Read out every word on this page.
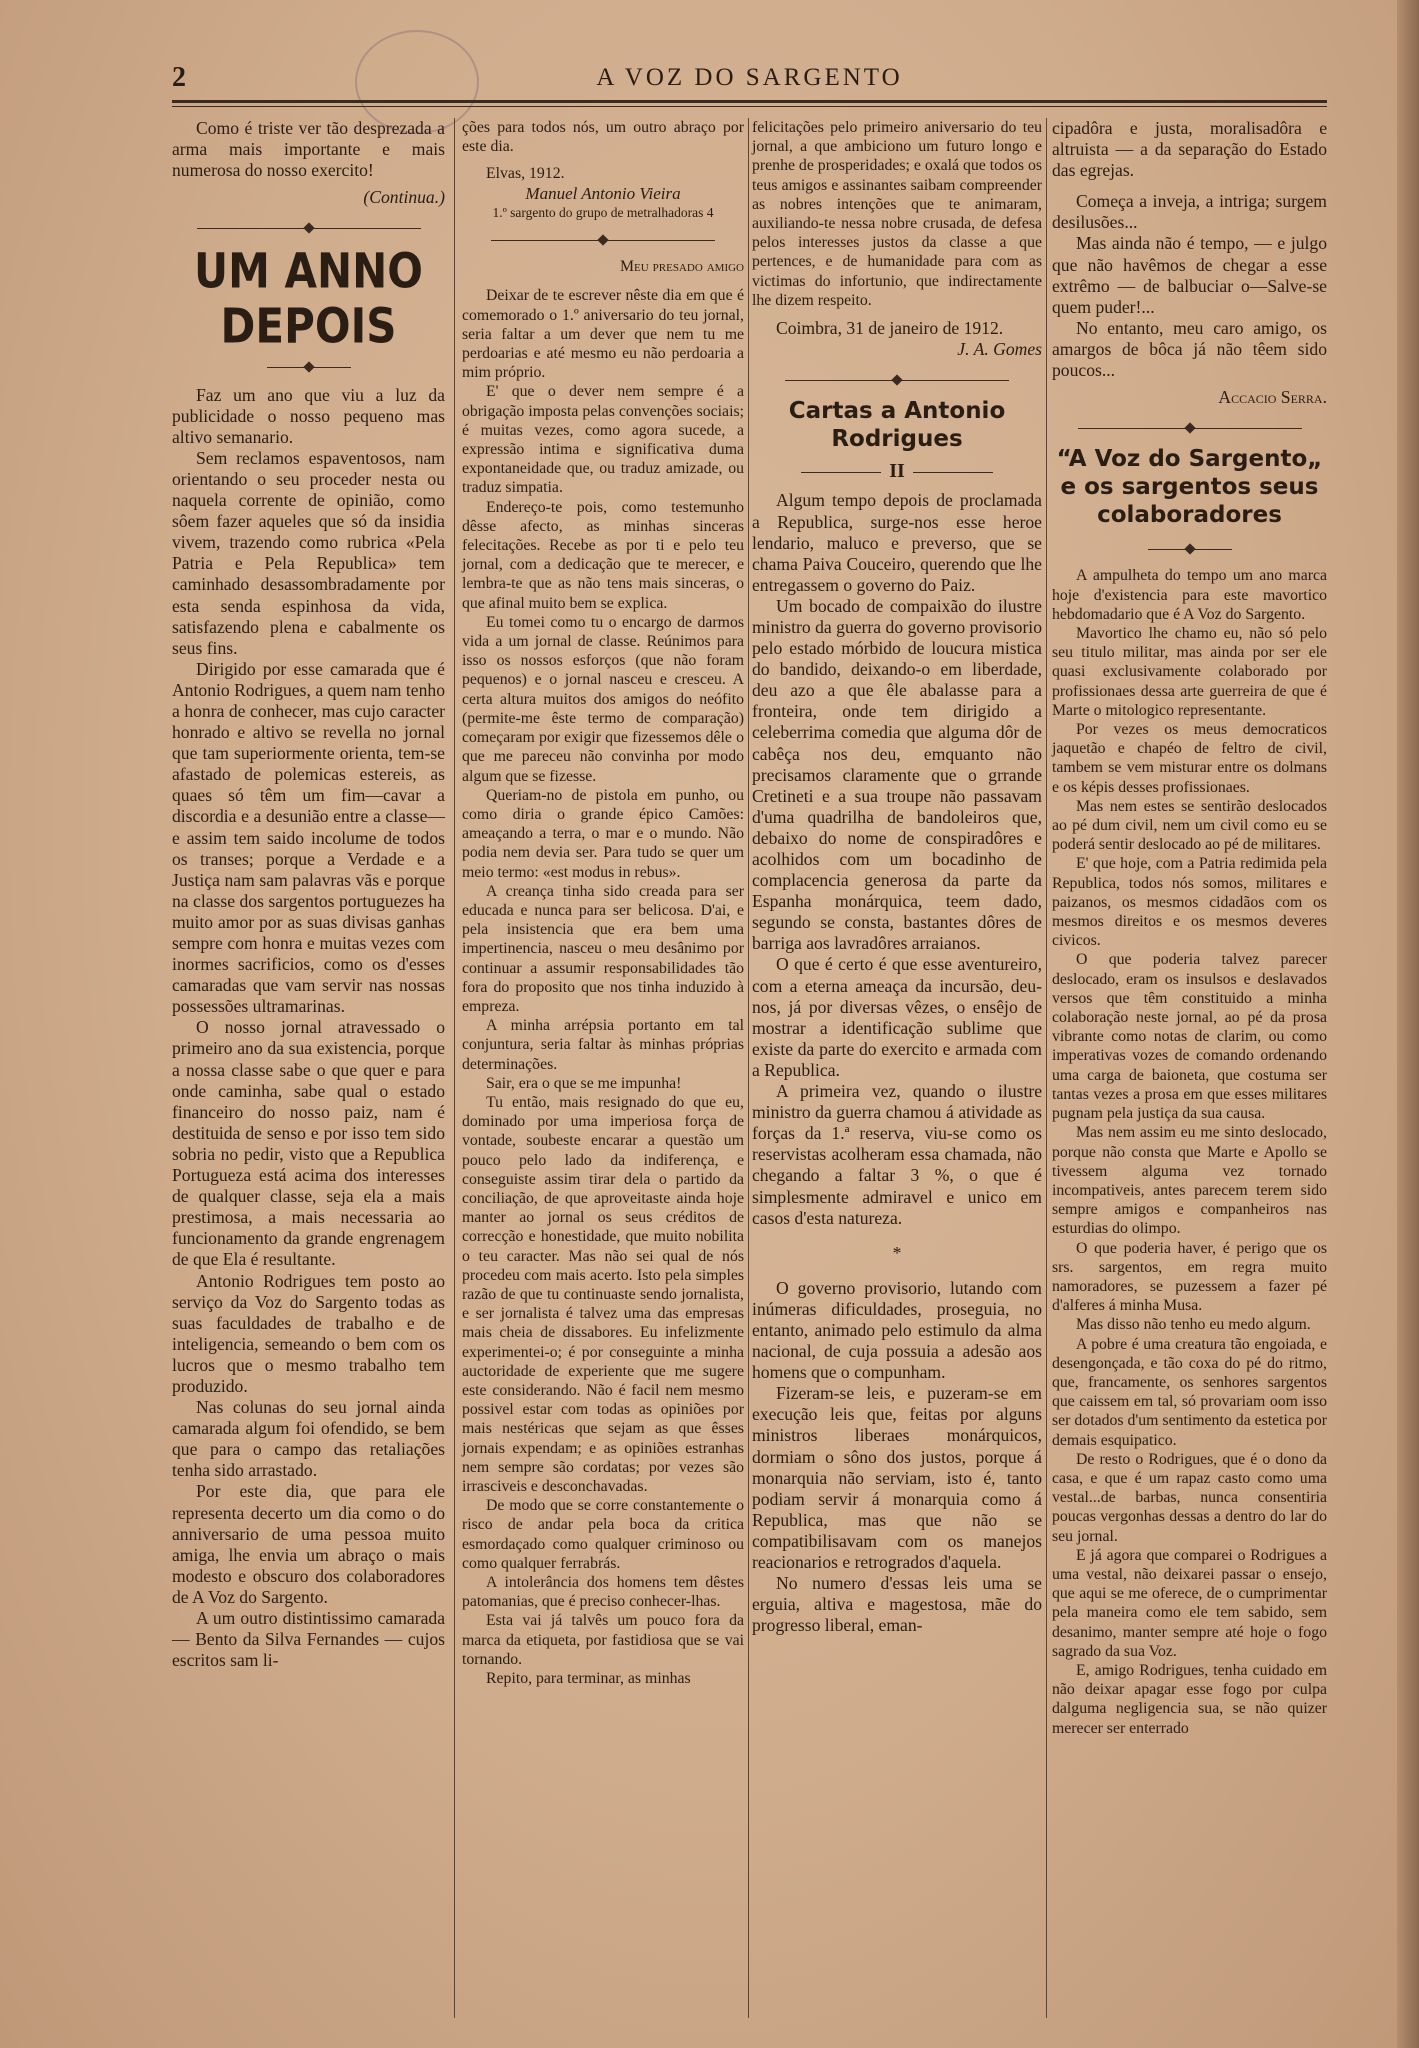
2	A VOZ DO SARGENTO

Como é triste ver tão desprezada a arma mais importante e mais numerosa do nosso exercito!

(Continua.)
UM ANNO DEPOIS

Faz um ano que viu a luz da publicidade o nosso pequeno mas altivo semanario.

Sem reclamos espaventosos, nam orientando o seu proceder nesta ou naquela corrente de opinião, como sôem fazer aqueles que só da insidia vivem, trazendo como rubrica «Pela Patria e Pela Republica» tem caminhado desassombradamente por esta senda espinhosa da vida, satisfazendo plena e cabalmente os seus fins.

Dirigido por esse camarada que é Antonio Rodrigues, a quem nam tenho a honra de conhecer, mas cujo caracter honrado e altivo se revella no jornal que tam superiormente orienta, tem-se afastado de polemicas estereis, as quaes só têm um fim—cavar a discordia e a desunião entre a classe—e assim tem saido incolume de todos os transes; porque a Verdade e a Justiça nam sam palavras vãs e porque na classe dos sargentos portuguezes ha muito amor por as suas divisas ganhas sempre com honra e muitas vezes com inormes sacrificios, como os d'esses camaradas que vam servir nas nossas possessões ultramarinas.

O nosso jornal atravessado o primeiro ano da sua existencia, porque a nossa classe sabe o que quer e para onde caminha, sabe qual o estado financeiro do nosso paiz, nam é destituida de senso e por isso tem sido sobria no pedir, visto que a Republica Portugueza está acima dos interesses de qualquer classe, seja ela a mais prestimosa, a mais necessaria ao funcionamento da grande engrenagem de que Ela é resultante.

Antonio Rodrigues tem posto ao serviço da Voz do Sargento todas as suas faculdades de trabalho e de inteligencia, semeando o bem com os lucros que o mesmo trabalho tem produzido.

Nas colunas do seu jornal ainda camarada algum foi ofendido, se bem que para o campo das retaliações tenha sido arrastado.

Por este dia, que para ele representa decerto um dia como o do anniversario de uma pessoa muito amiga, lhe envia um abraço o mais modesto e obscuro dos colaboradores de A Voz do Sargento.

A um outro distintissimo camarada — Bento da Silva Fernandes — cujos escritos sam li-

ções para todos nós, um outro abraço por este dia.

Elvas, 1912.

Manuel Antonio Vieira
1.º sargento do grupo de metralhadoras 4
Meu presado amigo

Deixar de te escrever nêste dia em que é comemorado o 1.º aniversario do teu jornal, seria faltar a um dever que nem tu me perdoarias e até mesmo eu não perdoaria a mim próprio.

E' que o dever nem sempre é a obrigação imposta pelas convenções sociais; é muitas vezes, como agora sucede, a expressão intima e significativa duma expontaneidade que, ou traduz amizade, ou traduz simpatia.

Endereço-te pois, como testemunho dêsse afecto, as minhas sinceras felecitações. Recebe as por ti e pelo teu jornal, com a dedicação que te merecer, e lembra-te que as não tens mais sinceras, o que afinal muito bem se explica.

Eu tomei como tu o encargo de darmos vida a um jornal de classe. Reúnimos para isso os nossos esforços (que não foram pequenos) e o jornal nasceu e cresceu. A certa altura muitos dos amigos do neófito (permite-me êste termo de comparação) começaram por exigir que fizessemos dêle o que me pareceu não convinha por modo algum que se fizesse.

Queriam-no de pistola em punho, ou como diria o grande épico Camões: ameaçando a terra, o mar e o mundo. Não podia nem devia ser. Para tudo se quer um meio termo: «est modus in rebus».

A creança tinha sido creada para ser educada e nunca para ser belicosa. D'ai, e pela insistencia que era bem uma impertinencia, nasceu o meu desânimo por continuar a assumir responsabilidades tão fora do proposito que nos tinha induzido à empreza.

A minha arrépsia portanto em tal conjuntura, seria faltar às minhas próprias determinações.

Sair, era o que se me impunha!

Tu então, mais resignado do que eu, dominado por uma imperiosa força de vontade, soubeste encarar a questão um pouco pelo lado da indiferença, e conseguiste assim tirar dela o partido da conciliação, de que aproveitaste ainda hoje manter ao jornal os seus créditos de correcção e honestidade, que muito nobilita o teu caracter. Mas não sei qual de nós procedeu com mais acerto. Isto pela simples razão de que tu continuaste sendo jornalista, e ser jornalista é talvez uma das empresas mais cheia de dissabores. Eu infelizmente experimentei-o; é por conseguinte a minha auctoridade de experiente que me sugere este considerando. Não é facil nem mesmo possivel estar com todas as opiniões por mais nestéricas que sejam as que êsses jornais expendam; e as opiniões estranhas nem sempre são cordatas; por vezes são irrasciveis e desconchavadas.

De modo que se corre constantemente o risco de andar pela boca da critica esmordaçado como qualquer criminoso ou como qualquer ferrabrás.

A intolerância dos homens tem dêstes patomanias, que é preciso conhecer-lhas.

Esta vai já talvês um pouco fora da marca da etiqueta, por fastidiosa que se vai tornando.

Repito, para terminar, as minhas

felicitações pelo primeiro aniversario do teu jornal, a que ambiciono um futuro longo e prenhe de prosperidades; e oxalá que todos os teus amigos e assinantes saibam compreender as nobres intenções que te animaram, auxiliando-te nessa nobre crusada, de defesa pelos interesses justos da classe a que pertences, e de humanidade para com as victimas do infortunio, que indirectamente lhe dizem respeito.

Coimbra, 31 de janeiro de 1912.

J. A. Gomes
Cartas a Antonio Rodrigues
II

Algum tempo depois de proclamada a Republica, surge-nos esse heroe lendario, maluco e preverso, que se chama Paiva Couceiro, querendo que lhe entregassem o governo do Paiz.

Um bocado de compaixão do ilustre ministro da guerra do governo provisorio pelo estado mórbido de loucura mistica do bandido, deixando-o em liberdade, deu azo a que êle abalasse para a fronteira, onde tem dirigido a celeberrima comedia que alguma dôr de cabêça nos deu, emquanto não precisamos claramente que o grrande Cretineti e a sua troupe não passavam d'uma quadrilha de bandoleiros que, debaixo do nome de conspiradôres e acolhidos com um bocadinho de complacencia generosa da parte da Espanha monárquica, teem dado, segundo se consta, bastantes dôres de barriga aos lavradôres arraianos.

O que é certo é que esse aventureiro, com a eterna ameaça da incursão, deu-nos, já por diversas vêzes, o ensêjo de mostrar a identificação sublime que existe da parte do exercito e armada com a Republica.

A primeira vez, quando o ilustre ministro da guerra chamou á atividade as forças da 1.ª reserva, viu-se como os reservistas acolheram essa chamada, não chegando a faltar 3 %, o que é simplesmente admiravel e unico em casos d'esta natureza.

*

O governo provisorio, lutando com inúmeras dificuldades, proseguia, no entanto, animado pelo estimulo da alma nacional, de cuja possuia a adesão aos homens que o compunham.

Fizeram-se leis, e puzeram-se em execução leis que, feitas por alguns ministros liberaes monárquicos, dormiam o sôno dos justos, porque á monarquia não serviam, isto é, tanto podiam servir á monarquia como á Republica, mas que não se compatibilisavam com os manejos reacionarios e retrogrados d'aquela.

No numero d'essas leis uma se erguia, altiva e magestosa, mãe do progresso liberal, eman-

cipadôra e justa, moralisadôra e altruista — a da separação do Estado das egrejas.

Começa a inveja, a intriga; surgem desilusões...

Mas ainda não é tempo, — e julgo que não havêmos de chegar a esse extrêmo — de balbuciar o—Salve-se quem puder!...

No entanto, meu caro amigo, os amargos de bôca já não têem sido poucos...

Accacio Serra.
“A Voz do Sargento„ e os sargentos seus colaboradores

A ampulheta do tempo um ano marca hoje d'existencia para este mavortico hebdomadario que é A Voz do Sargento.

Mavortico lhe chamo eu, não só pelo seu titulo militar, mas ainda por ser ele quasi exclusivamente colaborado por profissionaes dessa arte guerreira de que é Marte o mitologico representante.

Por vezes os meus democraticos jaquetão e chapéo de feltro de civil, tambem se vem misturar entre os dolmans e os képis desses profissionaes.

Mas nem estes se sentirão deslocados ao pé dum civil, nem um civil como eu se poderá sentir deslocado ao pé de militares.

E' que hoje, com a Patria redimida pela Republica, todos nós somos, militares e paizanos, os mesmos cidadãos com os mesmos direitos e os mesmos deveres civicos.

O que poderia talvez parecer deslocado, eram os insulsos e deslavados versos que têm constituido a minha colaboração neste jornal, ao pé da prosa vibrante como notas de clarim, ou como imperativas vozes de comando ordenando uma carga de baioneta, que costuma ser tantas vezes a prosa em que esses militares pugnam pela justiça da sua causa.

Mas nem assim eu me sinto deslocado, porque não consta que Marte e Apollo se tivessem alguma vez tornado incompativeis, antes parecem terem sido sempre amigos e companheiros nas esturdias do olimpo.

O que poderia haver, é perigo que os srs. sargentos, em regra muito namoradores, se puzessem a fazer pé d'alferes á minha Musa.

Mas disso não tenho eu medo algum.

A pobre é uma creatura tão engoiada, e desengonçada, e tão coxa do pé do ritmo, que, francamente, os senhores sargentos que caissem em tal, só provariam oom isso ser dotados d'um sentimento da estetica por demais esquipatico.

De resto o Rodrigues, que é o dono da casa, e que é um rapaz casto como uma vestal...de barbas, nunca consentiria poucas vergonhas dessas a dentro do lar do seu jornal.

E já agora que comparei o Rodrigues a uma vestal, não deixarei passar o ensejo, que aqui se me oferece, de o cumprimentar pela maneira como ele tem sabido, sem desanimo, manter sempre até hoje o fogo sagrado da sua Voz.

E, amigo Rodrigues, tenha cuidado em não deixar apagar esse fogo por culpa dalguma negligencia sua, se não quizer merecer ser enterrado
